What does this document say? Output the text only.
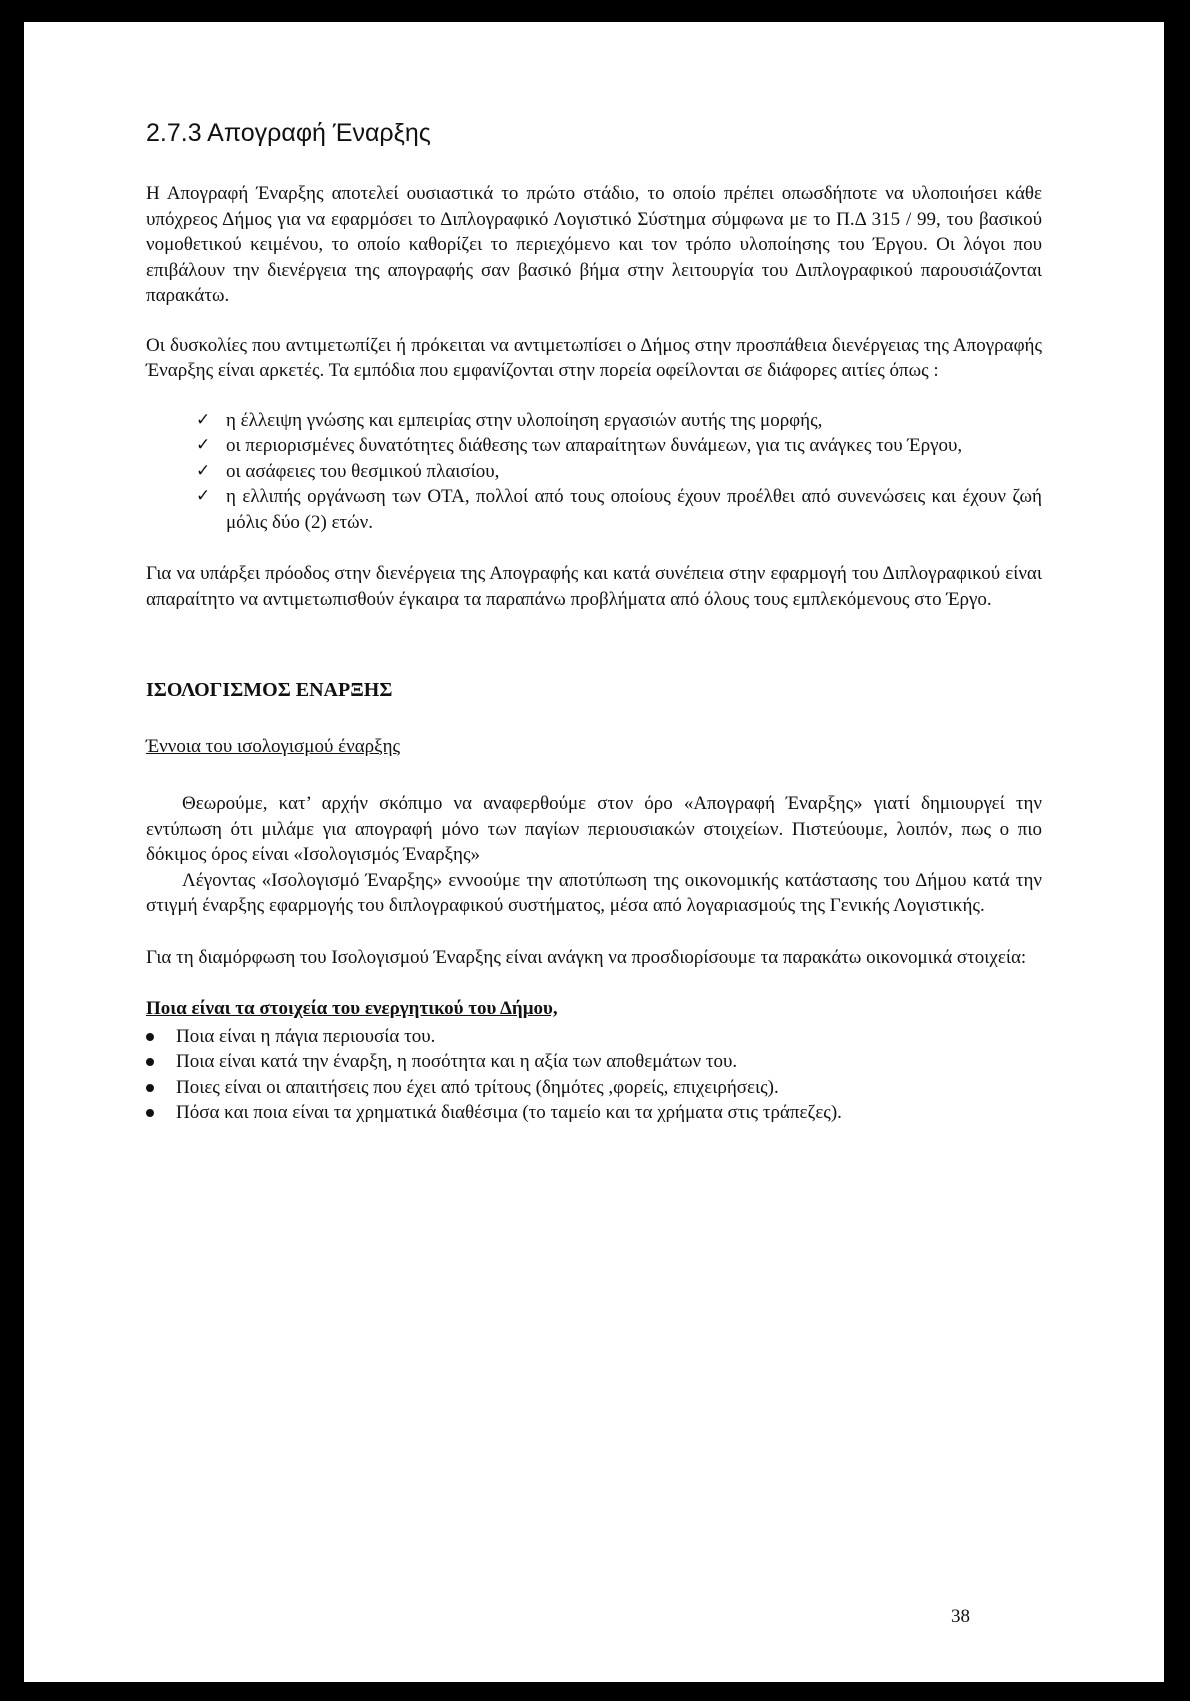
2.7.3 Απογραφή Έναρξης

Η Απογραφή Έναρξης αποτελεί ουσιαστικά το πρώτο στάδιο, το οποίο πρέπει οπωσδήποτε να υλοποιήσει κάθε υπόχρεος Δήμος για να εφαρμόσει το Διπλογραφικό Λογιστικό Σύστημα σύμφωνα με το Π.Δ 315 / 99, του βασικού νομοθετικού κειμένου, το οποίο καθορίζει το περιεχόμενο και τον τρόπο υλοποίησης του Έργου. Οι λόγοι που επιβάλουν την διενέργεια της απογραφής σαν βασικό βήμα στην λειτουργία του Διπλογραφικού παρουσιάζονται παρακάτω.

Οι δυσκολίες που αντιμετωπίζει ή πρόκειται να αντιμετωπίσει ο Δήμος στην προσπάθεια διενέργειας της Απογραφής Έναρξης είναι αρκετές. Τα εμπόδια που εμφανίζονται στην πορεία οφείλονται σε διάφορες αιτίες όπως :

✓ η έλλειψη γνώσης και εμπειρίας στην υλοποίηση εργασιών αυτής της μορφής,
✓ οι περιορισμένες δυνατότητες διάθεσης των απαραίτητων δυνάμεων, για τις ανάγκες του Έργου,
✓ οι ασάφειες του θεσμικού πλαισίου,
✓ η ελλιπής οργάνωση των ΟΤΑ, πολλοί από τους οποίους έχουν προέλθει από συνενώσεις και έχουν ζωή μόλις δύο (2) ετών.

Για να υπάρξει πρόοδος στην διενέργεια της Απογραφής και κατά συνέπεια στην εφαρμογή του Διπλογραφικού είναι απαραίτητο να αντιμετωπισθούν έγκαιρα τα παραπάνω προβλήματα από όλους τους εμπλεκόμενους στο Έργο.

ΙΣΟΛΟΓΙΣΜΟΣ ΕΝΑΡΞΗΣ
Έννοια του ισολογισμού έναρξης

Θεωρούμε, κατ’ αρχήν σκόπιμο να αναφερθούμε στον όρο «Απογραφή Έναρξης» γιατί δημιουργεί την εντύπωση ότι μιλάμε για απογραφή μόνο των παγίων περιουσιακών στοιχείων. Πιστεύουμε, λοιπόν, πως ο πιο δόκιμος όρος είναι «Ισολογισμός Έναρξης»

Λέγοντας «Ισολογισμό Έναρξης» εννοούμε την αποτύπωση της οικονομικής κατάστασης του Δήμου κατά την στιγμή έναρξης εφαρμογής του διπλογραφικού συστήματος, μέσα από λογαριασμούς της Γενικής Λογιστικής.

Για τη διαμόρφωση του Ισολογισμού Έναρξης είναι ανάγκη να προσδιορίσουμε τα παρακάτω οικονομικά στοιχεία:

Ποια είναι τα στοιχεία του ενεργητικού του Δήμου,
Ποια είναι η πάγια περιουσία του.
Ποια είναι κατά την έναρξη, η ποσότητα και η αξία των αποθεμάτων του.
Ποιες είναι οι απαιτήσεις που έχει από τρίτους (δημότες ,φορείς, επιχειρήσεις).
Πόσα και ποια είναι τα χρηματικά διαθέσιμα (το ταμείο και τα χρήματα στις τράπεζες).
38
